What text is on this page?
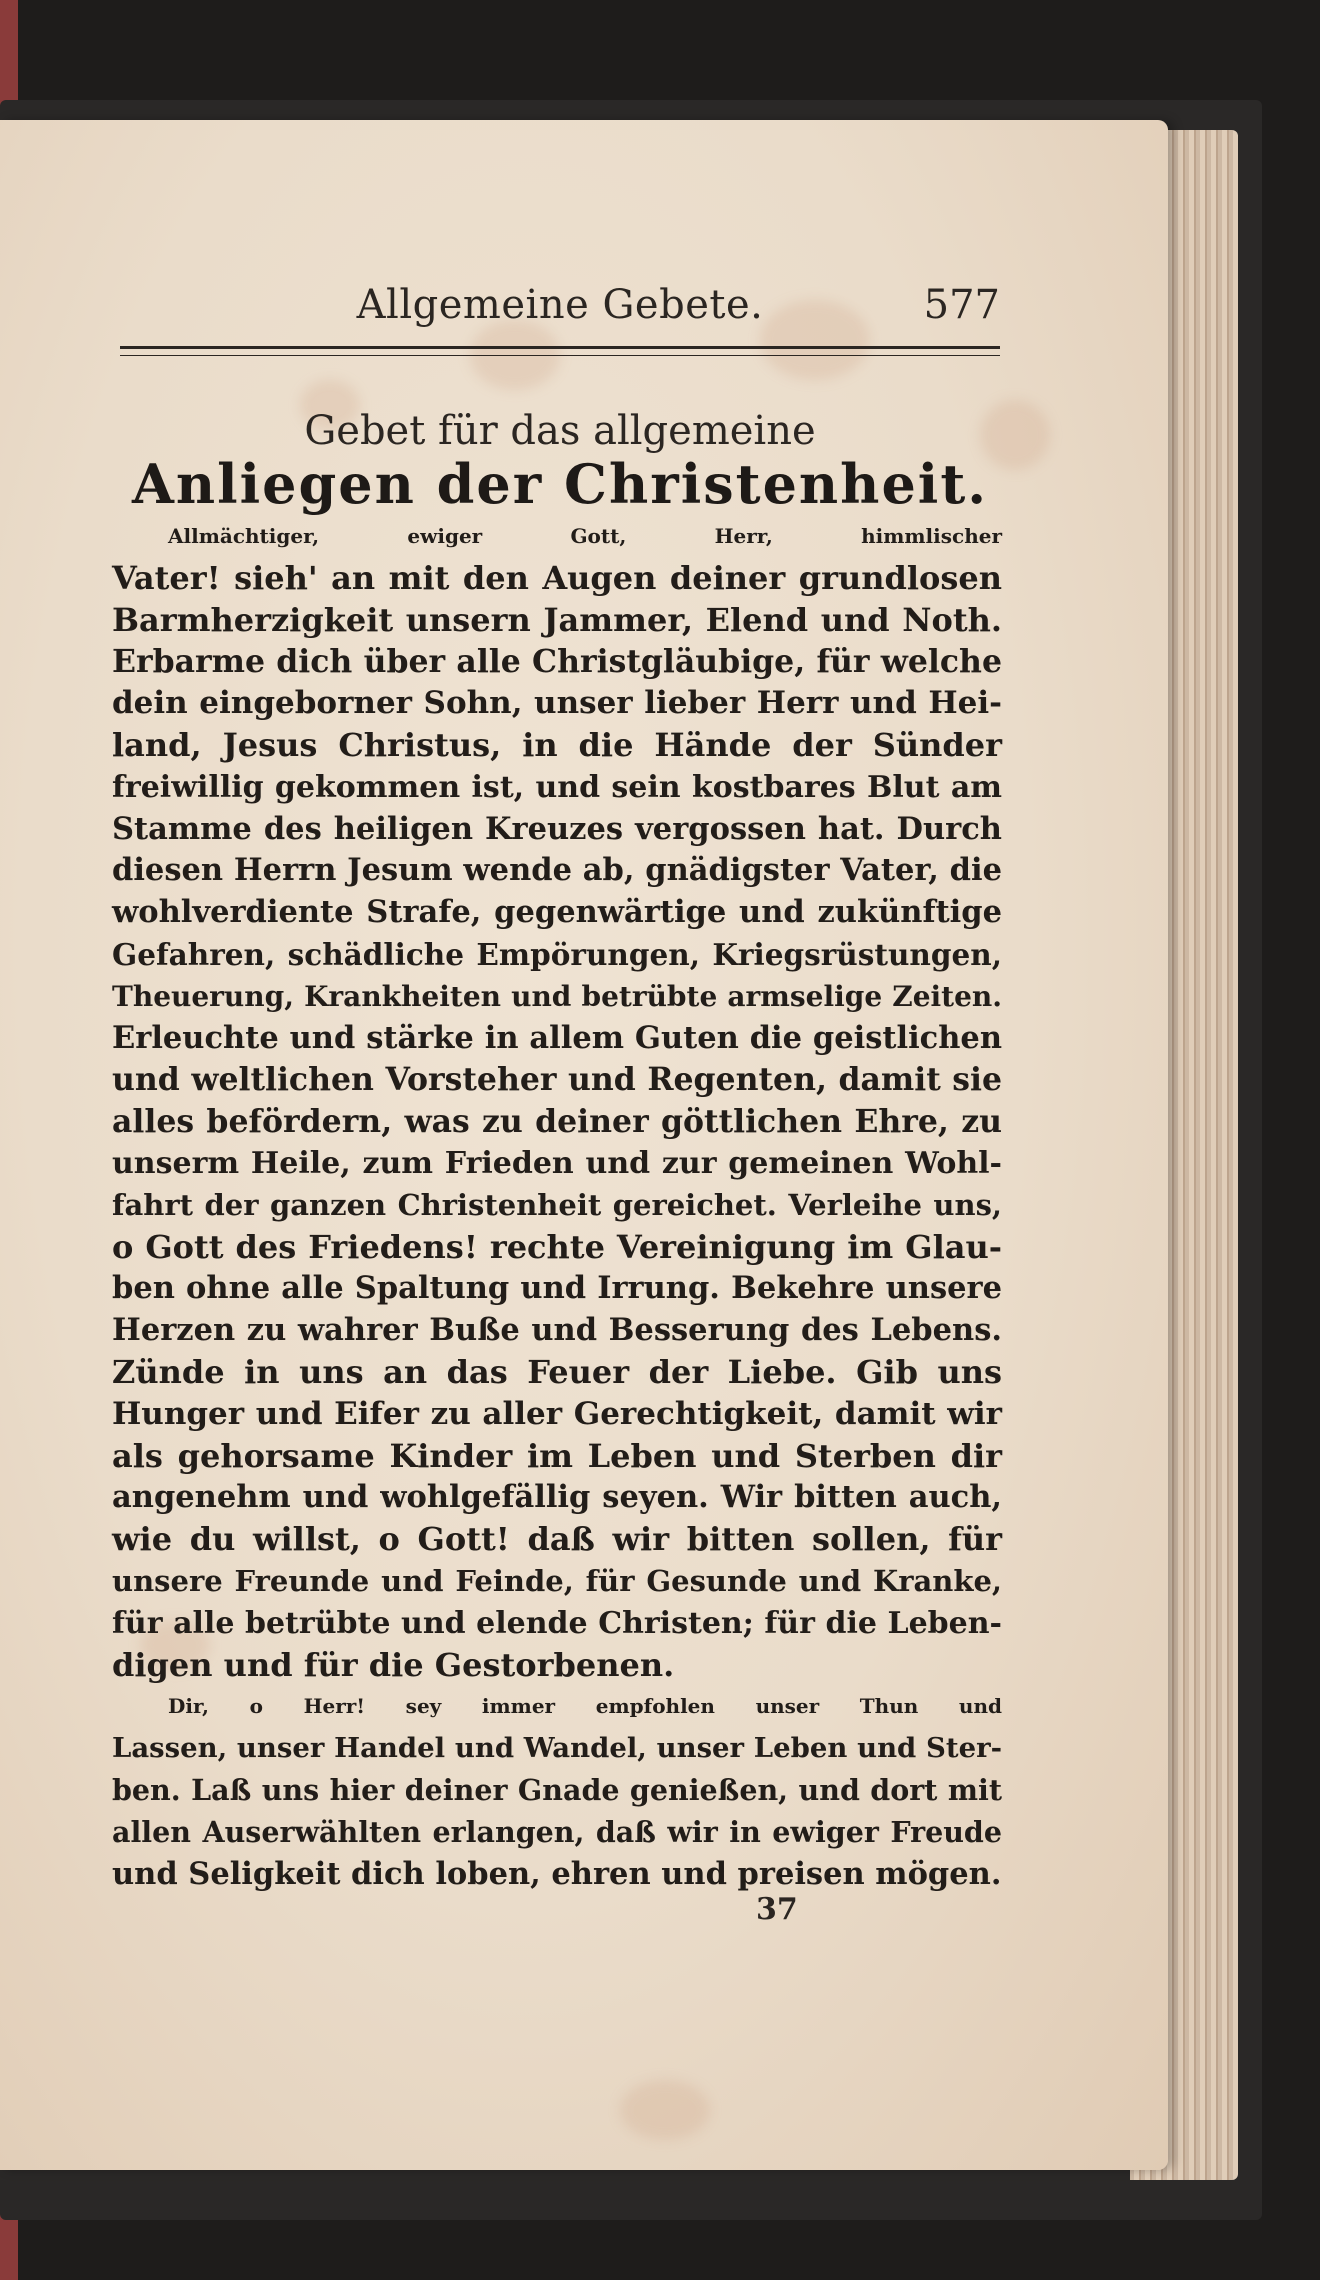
Allgemeine Gebete.	577
Gebet für das allgemeine
Anliegen der Christenheit.
Allmächtiger, ewiger Gott, Herr, himmlischer
Vater! sieh' an mit den Augen deiner grundlosen
Barmherzigkeit unsern Jammer, Elend und Noth.
Erbarme dich über alle Christgläubige, für welche
dein eingeborner Sohn, unser lieber Herr und Hei-
land, Jesus Christus, in die Hände der Sünder
freiwillig gekommen ist, und sein kostbares Blut am
Stamme des heiligen Kreuzes vergossen hat. Durch
diesen Herrn Jesum wende ab, gnädigster Vater, die
wohlverdiente Strafe, gegenwärtige und zukünftige
Gefahren, schädliche Empörungen, Kriegsrüstungen,
Theuerung, Krankheiten und betrübte armselige Zeiten.
Erleuchte und stärke in allem Guten die geistlichen
und weltlichen Vorsteher und Regenten, damit sie
alles befördern, was zu deiner göttlichen Ehre, zu
unserm Heile, zum Frieden und zur gemeinen Wohl-
fahrt der ganzen Christenheit gereichet. Verleihe uns,
o Gott des Friedens! rechte Vereinigung im Glau-
ben ohne alle Spaltung und Irrung. Bekehre unsere
Herzen zu wahrer Buße und Besserung des Lebens.
Zünde in uns an das Feuer der Liebe. Gib uns
Hunger und Eifer zu aller Gerechtigkeit, damit wir
als gehorsame Kinder im Leben und Sterben dir
angenehm und wohlgefällig seyen. Wir bitten auch,
wie du willst, o Gott! daß wir bitten sollen, für
unsere Freunde und Feinde, für Gesunde und Kranke,
für alle betrübte und elende Christen; für die Leben-
digen und für die Gestorbenen.
Dir, o Herr! sey immer empfohlen unser Thun und
Lassen, unser Handel und Wandel, unser Leben und Ster-
ben. Laß uns hier deiner Gnade genießen, und dort mit
allen Auserwählten erlangen, daß wir in ewiger Freude
und Seligkeit dich loben, ehren und preisen mögen.
37
